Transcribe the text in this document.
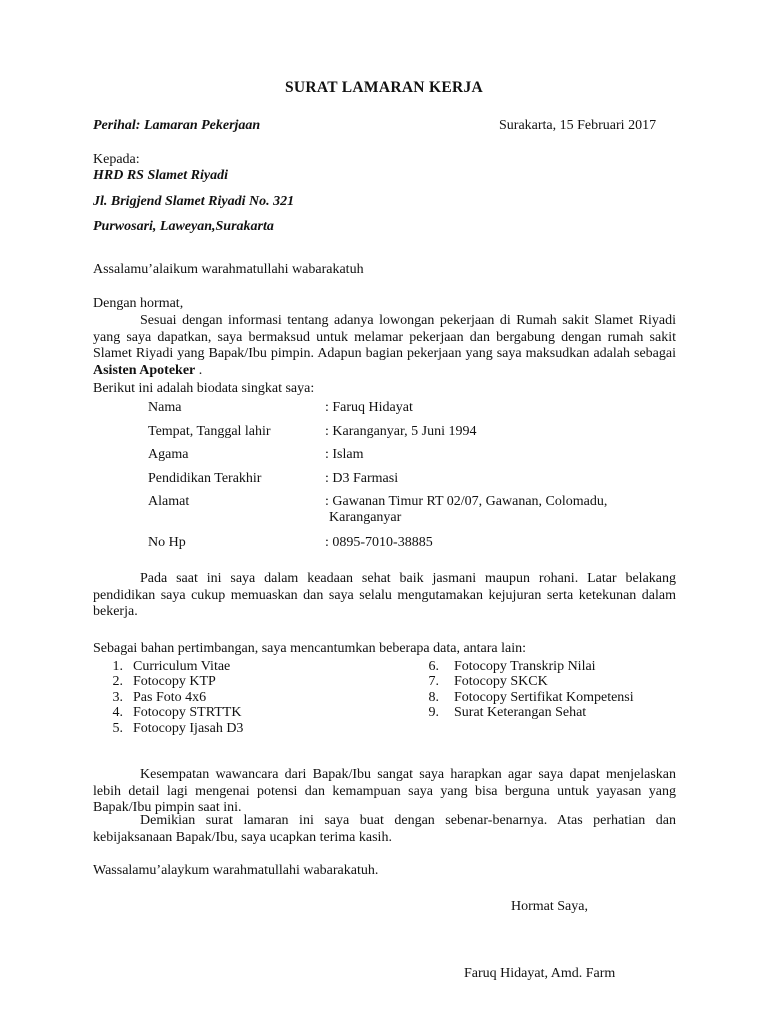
SURAT LAMARAN KERJA
Perihal: Lamaran Pekerjaan	Surakarta, 15 Februari 2017
Kepada:
HRD RS Slamet Riyadi
Jl. Brigjend Slamet Riyadi No. 321
Purwosari, Laweyan,Surakarta
Assalamu’alaikum warahmatullahi wabarakatuh
Dengan hormat,
Sesuai dengan informasi tentang adanya lowongan pekerjaan di Rumah sakit Slamet Riyadi yang saya dapatkan, saya bermaksud untuk melamar pekerjaan dan bergabung dengan rumah sakit Slamet Riyadi yang Bapak/Ibu pimpin. Adapun bagian pekerjaan yang saya maksudkan adalah sebagai Asisten Apoteker .
Berikut ini adalah biodata singkat saya:
Nama	: Faruq Hidayat
Tempat, Tanggal lahir	: Karanganyar, 5 Juni 1994
Agama	: Islam
Pendidikan Terakhir	: D3 Farmasi
Alamat	: Gawanan Timur RT 02/07, Gawanan, Colomadu,
Karanganyar
No Hp	: 0895-7010-38885
Pada saat ini saya dalam keadaan sehat baik jasmani maupun rohani. Latar belakang pendidikan saya cukup memuaskan dan saya selalu mengutamakan kejujuran serta ketekunan dalam bekerja.
Sebagai bahan pertimbangan, saya mencantumkan beberapa data, antara lain:
1. Curriculum Vitae
2. Fotocopy KTP
3. Pas Foto 4x6
4. Fotocopy STRTTK
5. Fotocopy Ijasah D3
6. Fotocopy Transkrip Nilai
7. Fotocopy SKCK
8. Fotocopy Sertifikat Kompetensi
9. Surat Keterangan Sehat
Kesempatan wawancara dari Bapak/Ibu sangat saya harapkan agar saya dapat menjelaskan lebih detail lagi mengenai potensi dan kemampuan saya yang bisa berguna untuk yayasan yang Bapak/Ibu pimpin saat ini.
Demikian surat lamaran ini saya buat dengan sebenar-benarnya. Atas perhatian dan kebijaksanaan Bapak/Ibu, saya ucapkan terima kasih.
Wassalamu’alaykum warahmatullahi wabarakatuh.
Hormat Saya,
Faruq Hidayat, Amd. Farm
